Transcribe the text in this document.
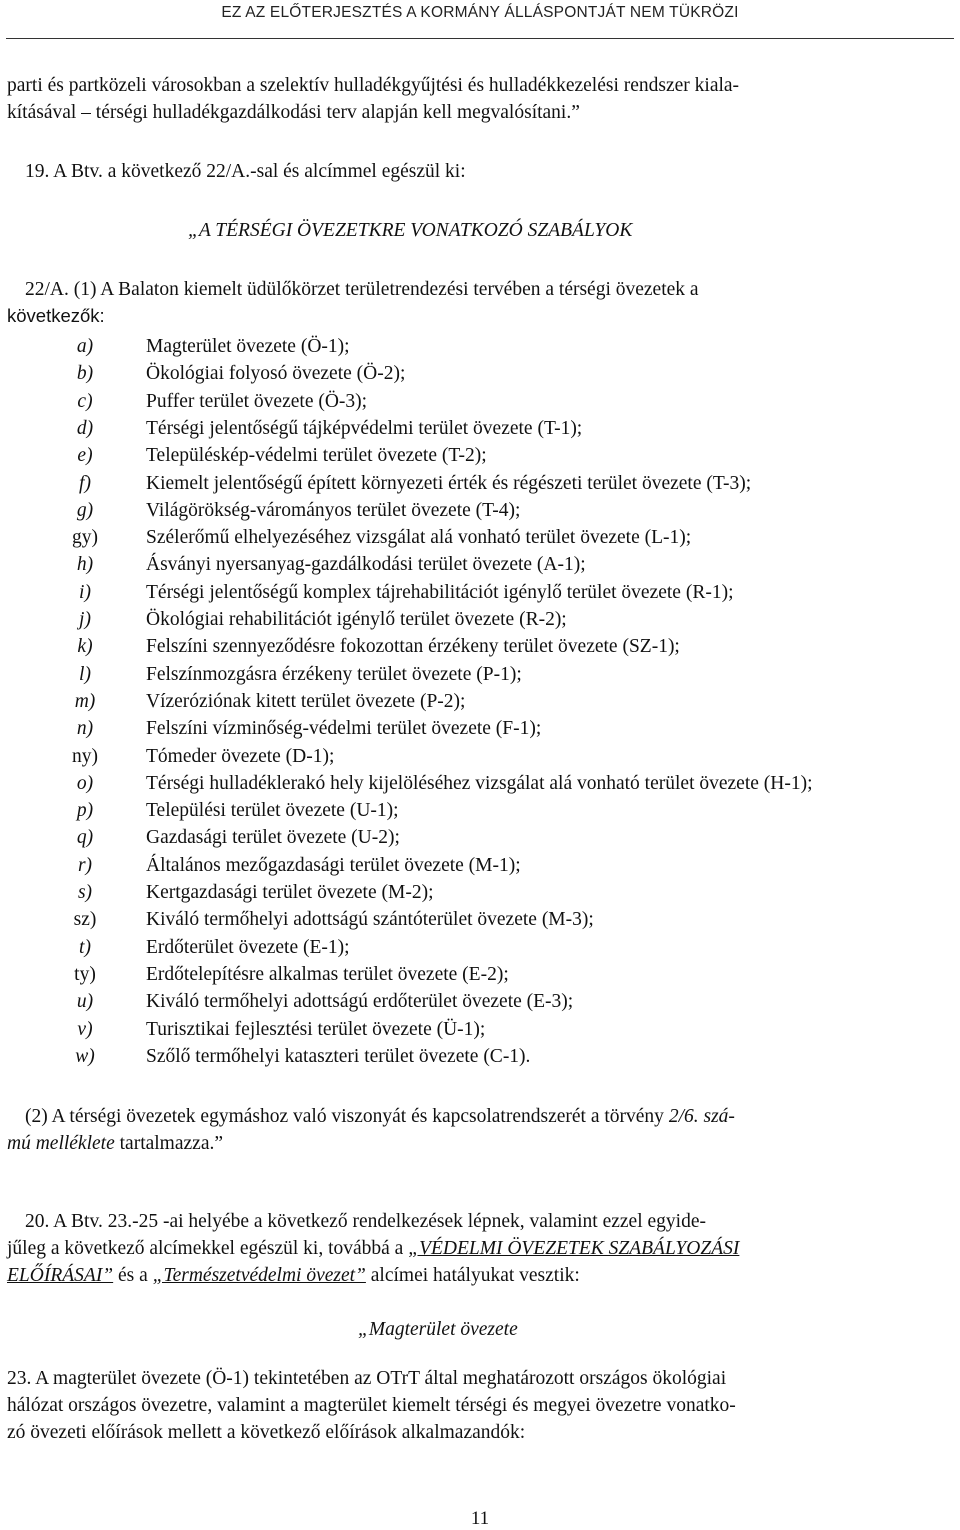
EZ AZ ELŐTERJESZTÉS A KORMÁNY ÁLLÁSPONTJÁT NEM TÜKRÖZI
parti és partközeli városokban a szelektív hulladékgyűjtési és hulladékkezelési rendszer kiala-
kításával – térségi hulladékgazdálkodási terv alapján kell megvalósítani.”
19. A Btv. a következő 22/A.-sal és alcímmel egészül ki:
„A TÉRSÉGI ÖVEZETKRE VONATKOZÓ SZABÁLYOK
22/A. (1) A Balaton kiemelt üdülőkörzet területrendezési tervében a térségi övezetek a
következők:
a)	Magterület övezete (Ö-1);
b)	Ökológiai folyosó övezete (Ö-2);
c)	Puffer terület övezete (Ö-3);
d)	Térségi jelentőségű tájképvédelmi terület övezete (T-1);
e)	Településkép-védelmi terület övezete (T-2);
f)	Kiemelt jelentőségű épített környezeti érték és régészeti terület övezete (T-3);
g)	Világörökség-várományos terület övezete (T-4);
gy)	Szélerőmű elhelyezéséhez vizsgálat alá vonható terület övezete (L-1);
h)	Ásványi nyersanyag-gazdálkodási terület övezete (A-1);
i)	Térségi jelentőségű komplex tájrehabilitációt igénylő terület övezete (R-1);
j)	Ökológiai rehabilitációt igénylő terület övezete (R-2);
k)	Felszíni szennyeződésre fokozottan érzékeny terület övezete (SZ-1);
l)	Felszínmozgásra érzékeny terület övezete (P-1);
m)	Vízeróziónak kitett terület övezete (P-2);
n)	Felszíni vízminőség-védelmi terület övezete (F-1);
ny)	Tómeder övezete (D-1);
o)	Térségi hulladéklerakó hely kijelöléséhez vizsgálat alá vonható terület övezete (H-1);
p)	Települési terület övezete (U-1);
q)	Gazdasági terület övezete (U-2);
r)	Általános mezőgazdasági terület övezete (M-1);
s)	Kertgazdasági terület övezete (M-2);
sz)	Kiváló termőhelyi adottságú szántóterület övezete (M-3);
t)	Erdőterület övezete (E-1);
ty)	Erdőtelepítésre alkalmas terület övezete (E-2);
u)	Kiváló termőhelyi adottságú erdőterület övezete (E-3);
v)	Turisztikai fejlesztési terület övezete (Ü-1);
w)	Szőlő termőhelyi kataszteri terület övezete (C-1).
(2) A térségi övezetek egymáshoz való viszonyát és kapcsolatrendszerét a törvény 2/6. szá-
mú melléklete tartalmazza.”
20. A Btv. 23.-25 -ai helyébe a következő rendelkezések lépnek, valamint ezzel egyide-
jűleg a következő alcímekkel egészül ki, továbbá a „VÉDELMI ÖVEZETEK SZABÁLYOZÁSI
ELŐÍRÁSAI” és a „Természetvédelmi övezet” alcímei hatályukat vesztik:
„Magterület övezete
23. A magterület övezete (Ö-1) tekintetében az OTrT által meghatározott országos ökológiai
hálózat országos övezetre, valamint a magterület kiemelt térségi és megyei övezetre vonatko-
zó övezeti előírások mellett a következő előírások alkalmazandók:
11
